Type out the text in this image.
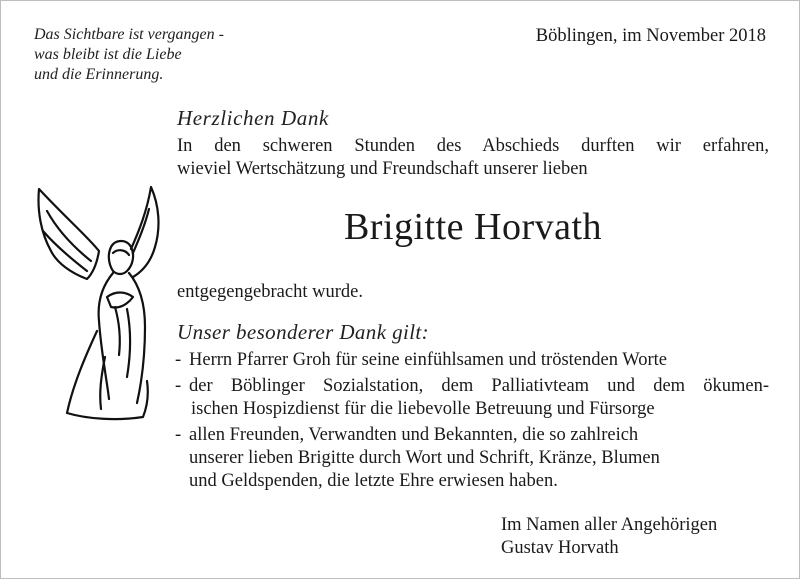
Das Sichtbare ist vergangen -
was bleibt ist die Liebe
und die Erinnerung.
Böblingen, im November 2018
Herzlichen Dank
In den schweren Stunden des Abschieds durften wir erfahren,
wieviel Wertschätzung und Freundschaft unserer lieben
Brigitte Horvath
entgegengebracht wurde.
Unser besonderer Dank gilt:
- Herrn Pfarrer Groh für seine einfühlsamen und tröstenden Worte
- der Böblinger Sozialstation, dem Palliativteam und dem ökumen-
ischen Hospizdienst für die liebevolle Betreuung und Fürsorge
- allen Freunden, Verwandten und Bekannten, die so zahlreich
unserer lieben Brigitte durch Wort und Schrift, Kränze, Blumen
und Geldspenden, die letzte Ehre erwiesen haben.
Im Namen aller Angehörigen
Gustav Horvath
